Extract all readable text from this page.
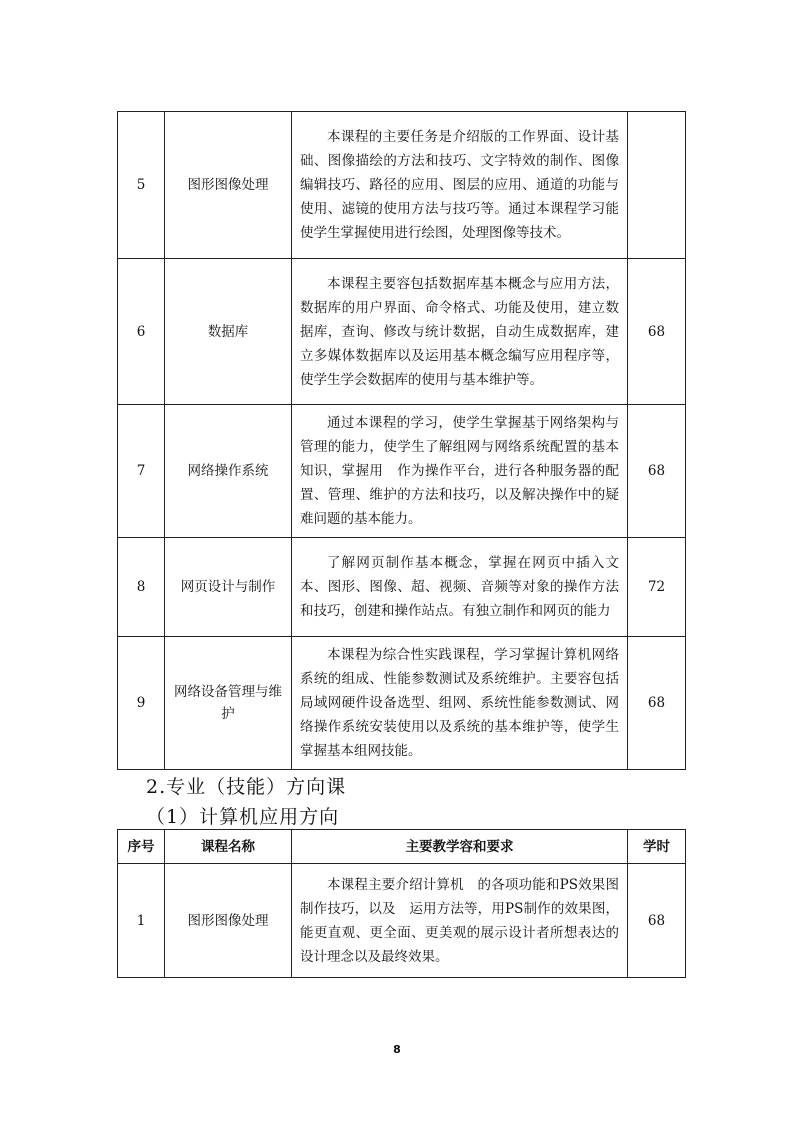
5	图形图像处理	本课程的主要任务是介绍版的工作界面、设计基础、图像描绘的方法和技巧、文字特效的制作、图像编辑技巧、路径的应用、图层的应用、通道的功能与使用、滤镜的使用方法与技巧等。通过本课程学习能使学生掌握使用进行绘图，处理图像等技术。	
6	数据库	本课程主要容包括数据库基本概念与应用方法，数据库的用户界面、命令格式、功能及使用，建立数据库，查询、修改与统计数据，自动生成数据库，建立多媒体数据库以及运用基本概念编写应用程序等，使学生学会数据库的使用与基本维护等。	68
7	网络操作系统	通过本课程的学习，使学生掌握基于网络架构与管理的能力，使学生了解组网与网络系统配置的基本知识，掌握用　作为操作平台，进行各种服务器的配置、管理、维护的方法和技巧，以及解决操作中的疑难问题的基本能力。	68
8	网页设计与制作	了解网页制作基本概念，掌握在网页中插入文本、图形、图像、超、视频、音频等对象的操作方法和技巧，创建和操作站点。有独立制作和网页的能力	72
9	网络设备管理与维护	本课程为综合性实践课程，学习掌握计算机网络系统的组成、性能参数测试及系统维护。主要容包括局域网硬件设备选型、组网、系统性能参数测试、网络操作系统安装使用以及系统的基本维护等，使学生掌握基本组网技能。	68
2.专业（技能）方向课
（1）计算机应用方向
序号	课程名称	主要教学容和要求	学时
1	图形图像处理	本课程主要介绍计算机　的各项功能和PS效果图制作技巧，以及　运用方法等，用PS制作的效果图，能更直观、更全面、更美观的展示设计者所想表达的设计理念以及最终效果。	68
8
